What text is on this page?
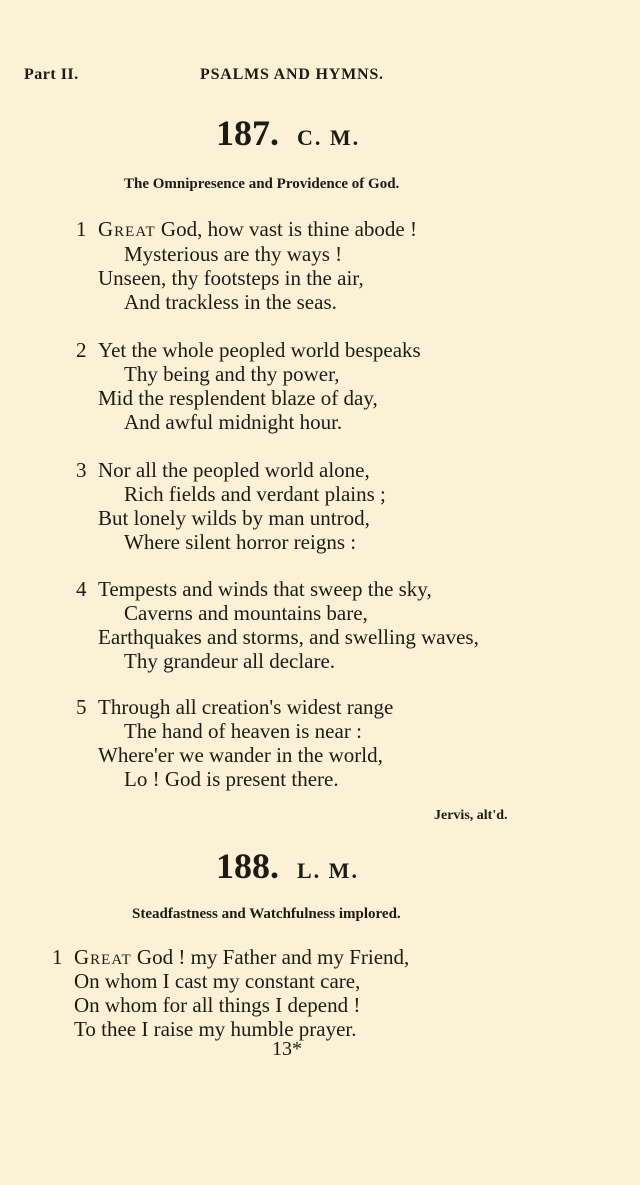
Part II.	PSALMS AND HYMNS.
187. C. M.
The Omnipresence and Providence of God.
1 Great God, how vast is thine abode !
Mysterious are thy ways !
Unseen, thy footsteps in the air,
And trackless in the seas.
2 Yet the whole peopled world bespeaks
Thy being and thy power,
Mid the resplendent blaze of day,
And awful midnight hour.
3 Nor all the peopled world alone,
Rich fields and verdant plains ;
But lonely wilds by man untrod,
Where silent horror reigns :
4 Tempests and winds that sweep the sky,
Caverns and mountains bare,
Earthquakes and storms, and swelling waves,
Thy grandeur all declare.
5 Through all creation's widest range
The hand of heaven is near :
Where'er we wander in the world,
Lo ! God is present there.
Jervis, alt'd.
188. L. M.
Steadfastness and Watchfulness implored.
1 Great God ! my Father and my Friend,
On whom I cast my constant care,
On whom for all things I depend !
To thee I raise my humble prayer.
13*
